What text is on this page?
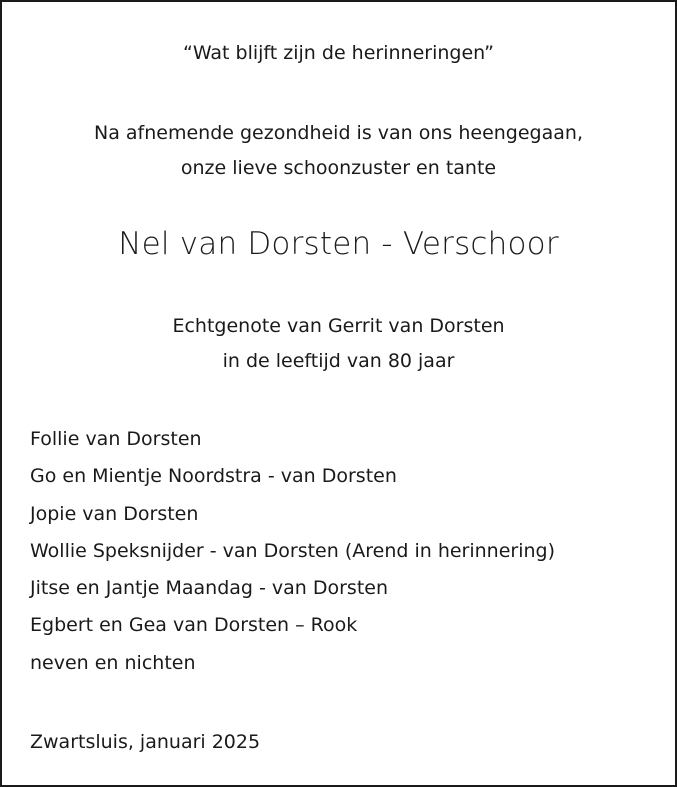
“Wat blijft zijn de herinneringen”
Na afnemende gezondheid is van ons heengegaan,
onze lieve schoonzuster en tante
Nel van Dorsten - Verschoor
Echtgenote van Gerrit van Dorsten
in de leeftijd van 80 jaar
Follie van Dorsten
Go en Mientje Noordstra - van Dorsten
Jopie van Dorsten
Wollie Speksnijder - van Dorsten (Arend in herinnering)
Jitse en Jantje Maandag - van Dorsten
Egbert en Gea van Dorsten – Rook
neven en nichten
Zwartsluis, januari 2025
